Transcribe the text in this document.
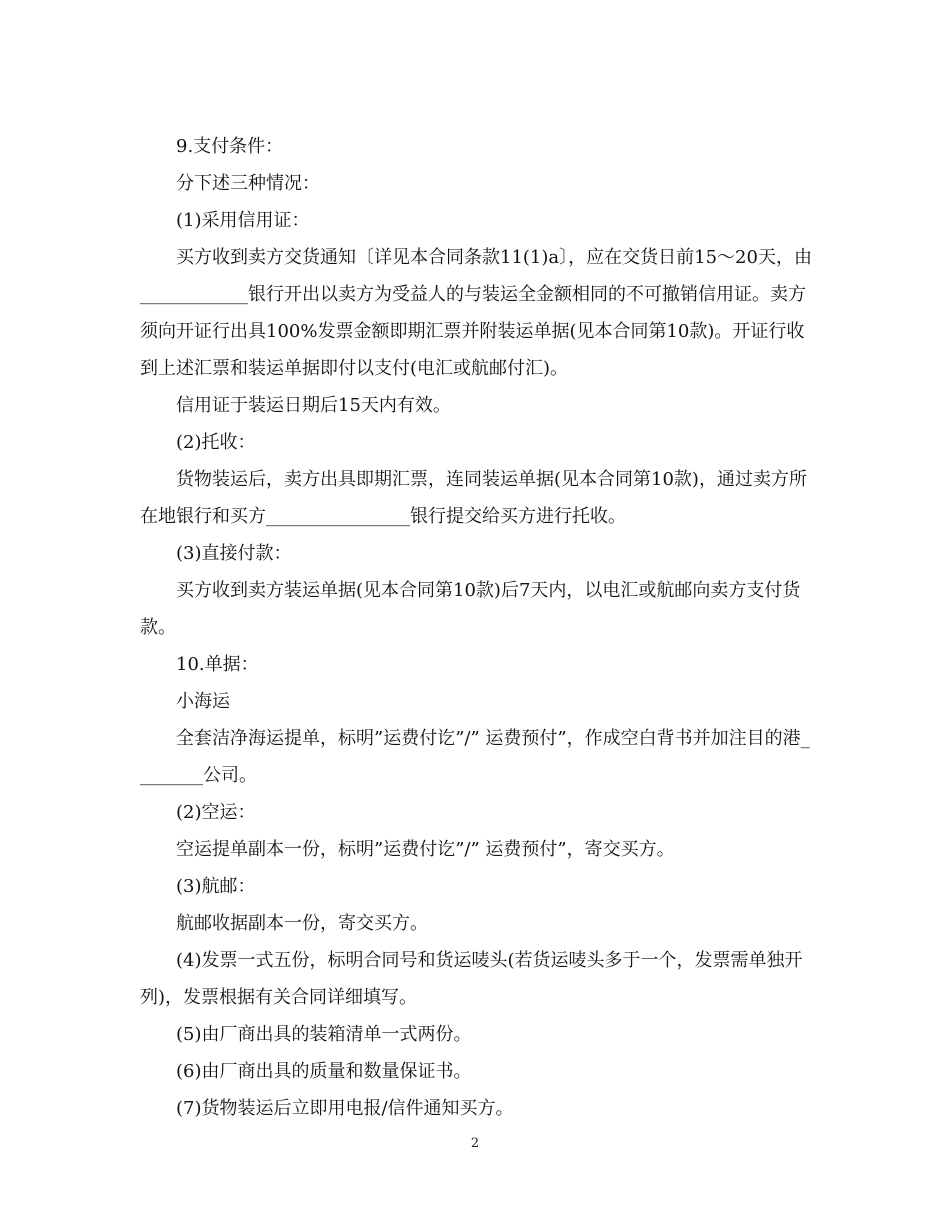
9.支付条件：

分下述三种情况：

(1)采用信用证：

买方收到卖方交货通知〔详见本合同条款11(1)a〕，应在交货日前15～20天，由____________银行开出以卖方为受益人的与装运全金额相同的不可撤销信用证。卖方须向开证行出具100%发票金额即期汇票并附装运单据(见本合同第10款)。开证行收到上述汇票和装运单据即付以支付(电汇或航邮付汇)。

信用证于装运日期后15天内有效。

(2)托收：

货物装运后，卖方出具即期汇票，连同装运单据(见本合同第10款)，通过卖方所在地银行和买方________________银行提交给买方进行托收。

(3)直接付款：

买方收到卖方装运单据(见本合同第10款)后7天内，以电汇或航邮向卖方支付货款。

10.单据：

小海运

全套洁净海运提单，标明”运费付讫”/” 运费预付”，作成空白背书并加注目的港________公司。

(2)空运：

空运提单副本一份，标明”运费付讫”/” 运费预付”，寄交买方。

(3)航邮：

航邮收据副本一份，寄交买方。

(4)发票一式五份，标明合同号和货运唛头(若货运唛头多于一个，发票需单独开列)，发票根据有关合同详细填写。

(5)由厂商出具的装箱清单一式两份。

(6)由厂商出具的质量和数量保证书。

(7)货物装运后立即用电报/信件通知买方。

2
